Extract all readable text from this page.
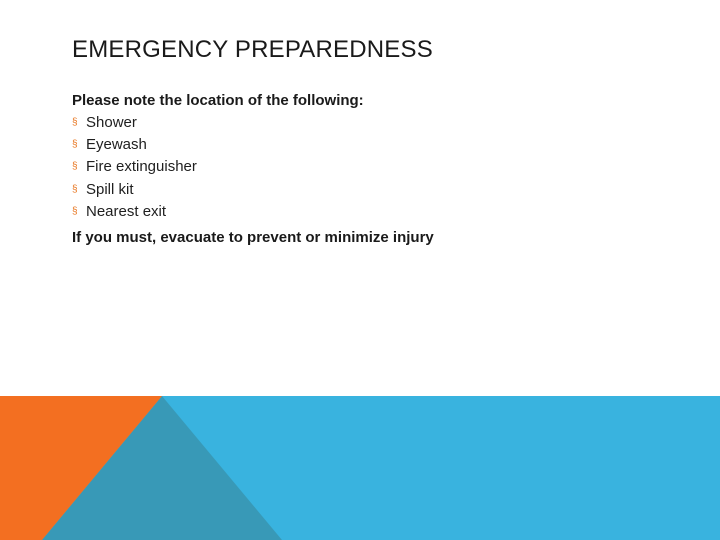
EMERGENCY PREPAREDNESS
Please note the location of the following:
§ Shower
§ Eyewash
§ Fire extinguisher
§ Spill kit
§ Nearest exit
If you must, evacuate to prevent or minimize injury
